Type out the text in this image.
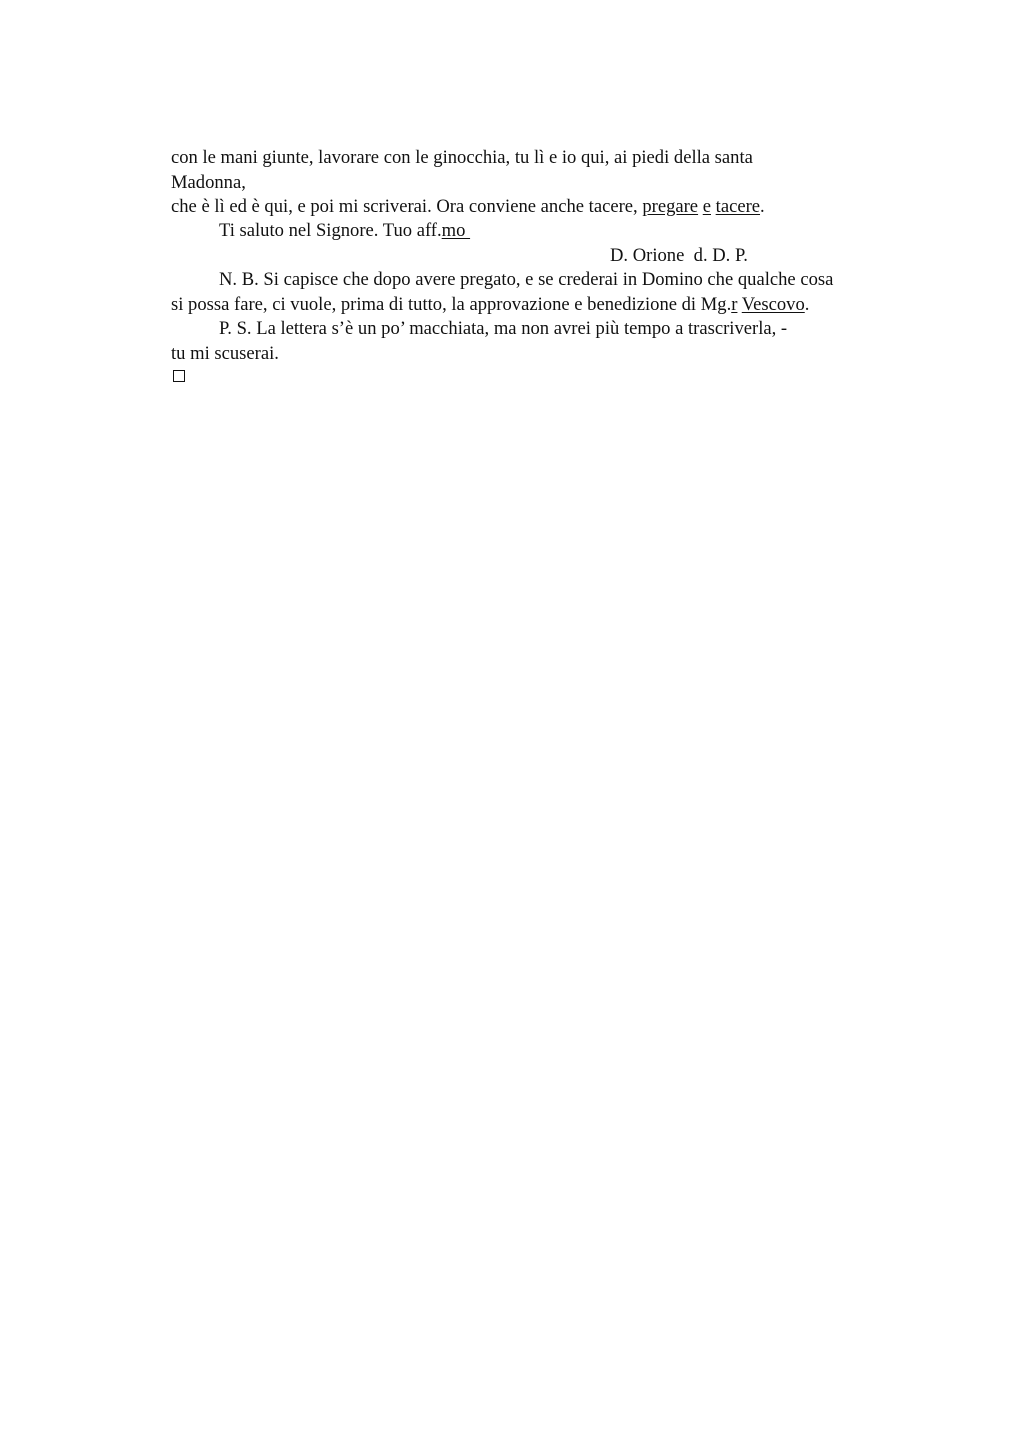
con le mani giunte, lavorare con le ginocchia, tu lì e io qui, ai piedi della santa
Madonna,
che è lì ed è qui, e poi mi scriverai. Ora conviene anche tacere, pregare e tacere.
Ti saluto nel Signore. Tuo aff.mo
D. Orione  d. D. P.
N. B. Si capisce che dopo avere pregato, e se crederai in Domino che qualche cosa
si possa fare, ci vuole, prima di tutto, la approvazione e benedizione di Mg.r Vescovo.
P. S. La lettera s’è un po’ macchiata, ma non avrei più tempo a trascriverla, -
tu mi scuserai.
